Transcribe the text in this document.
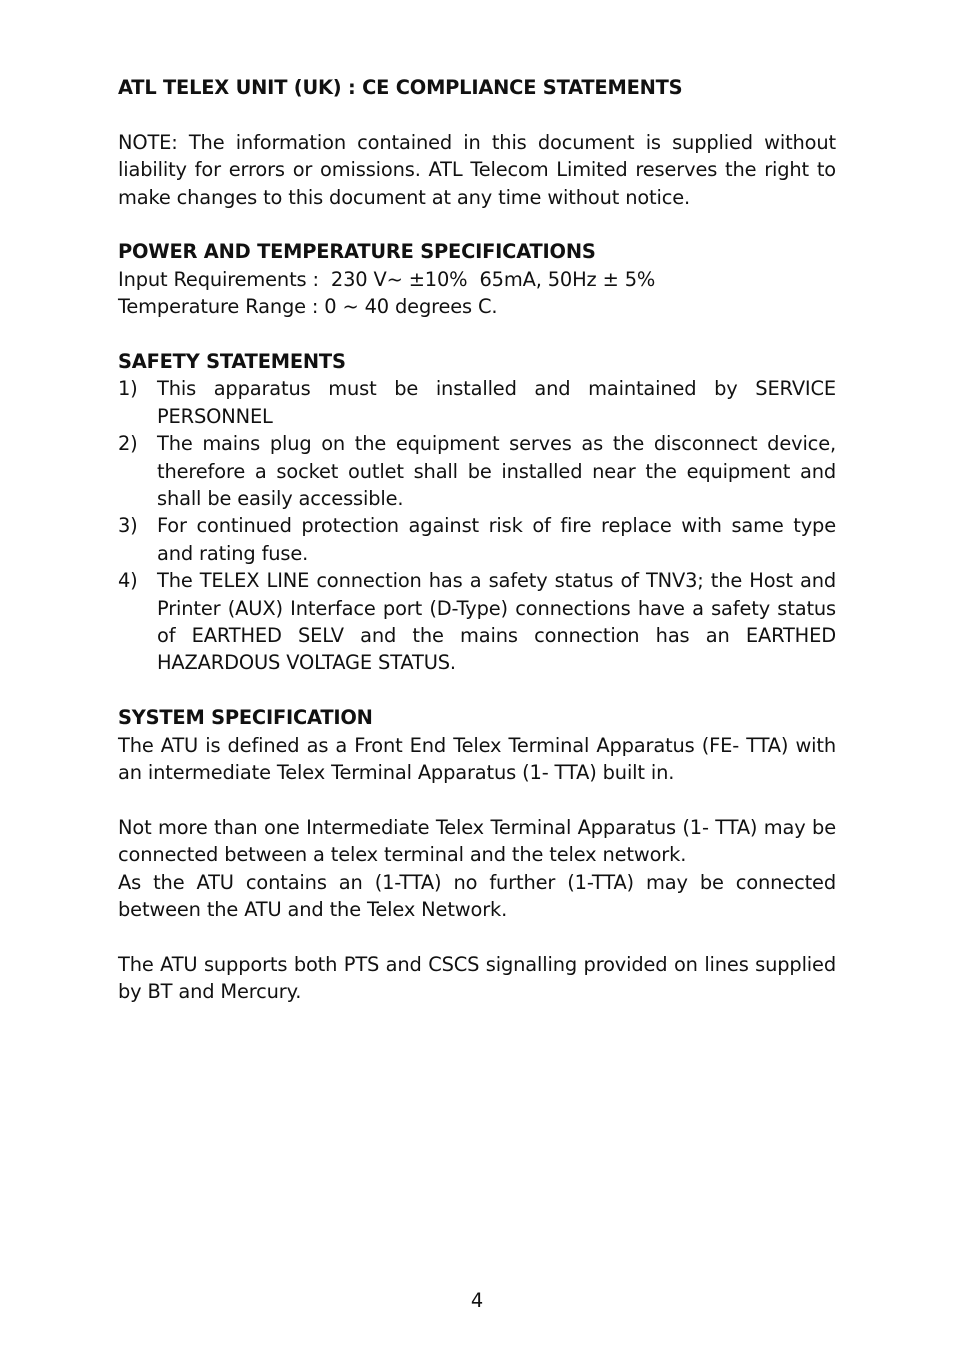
ATL TELEX UNIT (UK) : CE COMPLIANCE STATEMENTS

NOTE: The information contained in this document is supplied without liability for errors or omissions. ATL Telecom Limited reserves the right to make changes to this document at any time without notice.

POWER AND TEMPERATURE SPECIFICATIONS

Input Requirements :  230 V~ ±10%  65mA, 50Hz ± 5%

Temperature Range : 0 ~ 40 degrees C.

SAFETY STATEMENTS

1) This apparatus must be installed and maintained by SERVICE PERSONNEL
2) The mains plug on the equipment serves as the disconnect device, therefore a socket outlet shall be installed near the equipment and shall be easily accessible.
3) For continued protection against risk of fire replace with same type and rating fuse.
4) The TELEX LINE connection has a safety status of TNV3; the Host and Printer (AUX) Interface port (D-Type) connections have a safety status of EARTHED SELV and the mains connection has an EARTHED HAZARDOUS VOLTAGE STATUS.

SYSTEM SPECIFICATION

The ATU is defined as a Front End Telex Terminal Apparatus (FE- TTA) with an intermediate Telex Terminal Apparatus (1- TTA) built in.

Not more than one Intermediate Telex Terminal Apparatus (1- TTA) may be connected between a telex terminal and the telex network.

As the ATU contains an (1-TTA) no further (1-TTA) may be connected between the ATU and the Telex Network.

The ATU supports both PTS and CSCS signalling provided on lines supplied by BT and Mercury.

4
